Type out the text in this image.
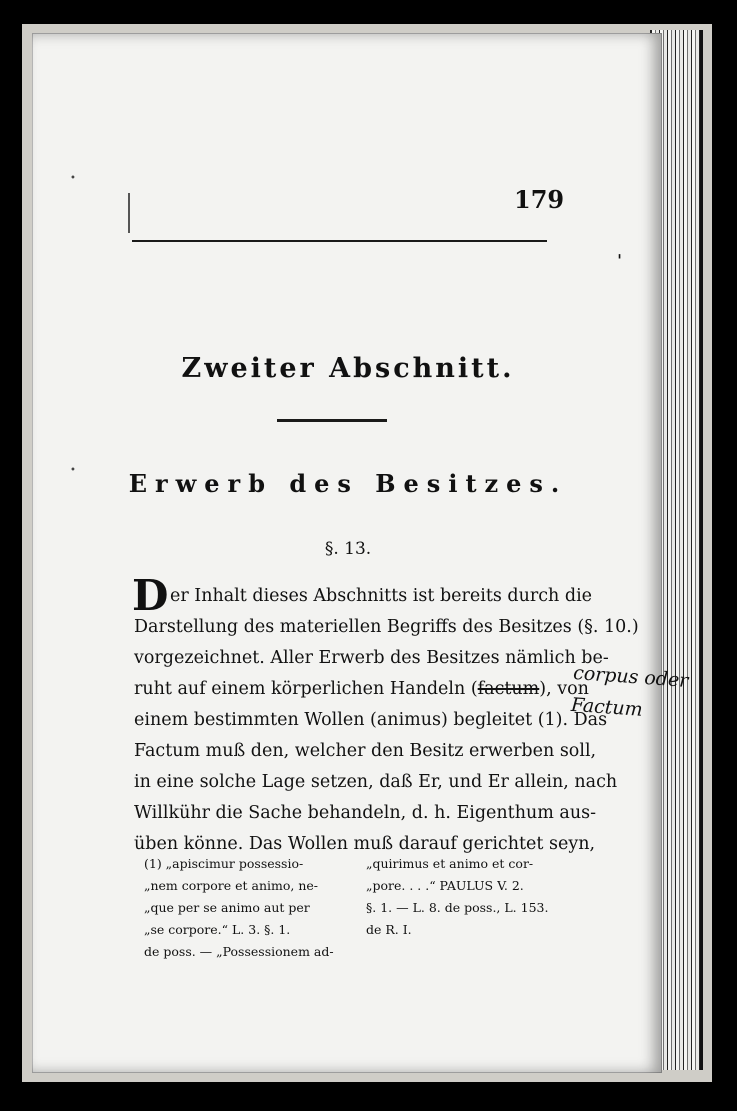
179
ˌ
•
•
Zweiter Abschnitt.
Erwerb des Besitzes.
§. 13.
D er Inhalt dieses Abschnitts ist bereits durch die
Darstellung des materiellen Begriffs des Besitzes (§. 10.)
vorgezeichnet. Aller Erwerb des Besitzes nämlich be-
ruht auf einem körperlichen Handeln (factum), von
einem bestimmten Wollen (animus) begleitet (1). Das
Factum muß den, welcher den Besitz erwerben soll,
in eine solche Lage setzen, daß Er, und Er allein, nach
Willkühr die Sache behandeln, d. h. Eigenthum aus-
üben könne. Das Wollen muß darauf gerichtet seyn,
corpus oder
Factum
(1) „apiscimur possessio-
„nem corpore et animo, ne-
„que per se animo aut per
„se corpore.“ L. 3. §. 1.
de poss. — „Possessionem ad-
„quirimus et animo et cor-
„pore. . . .“ PAULUS V. 2.
§. 1. — L. 8. de poss., L. 153.
de R. I.
